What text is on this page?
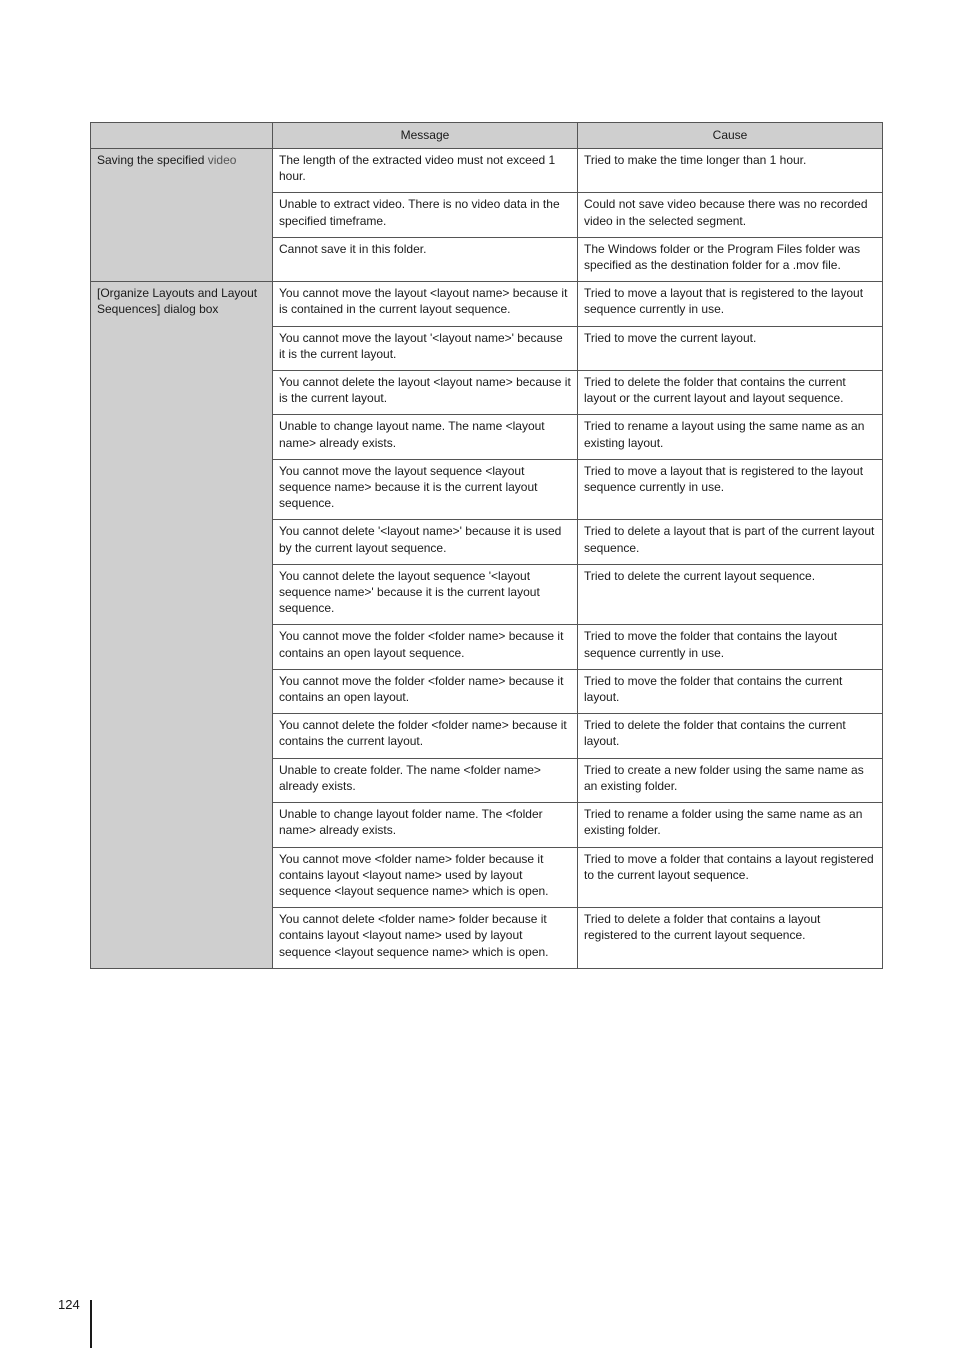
	Message	Cause
Saving the specified video	The length of the extracted video must not exceed 1 hour.	Tried to make the time longer than 1 hour.
	Unable to extract video. There is no video data in the specified timeframe.	Could not save video because there was no recorded video in the selected segment.
	Cannot save it in this folder.	The Windows folder or the Program Files folder was specified as the destination folder for a .mov file.
[Organize Layouts and Layout Sequences] dialog box	You cannot move the layout <layout name> because it is contained in the current layout sequence.	Tried to move a layout that is registered to the layout sequence currently in use.
	You cannot move the layout '<layout name>' because it is the current layout.	Tried to move the current layout.
	You cannot delete the layout <layout name> because it is the current layout.	Tried to delete the folder that contains the current layout or the current layout and layout sequence.
	Unable to change layout name. The name <layout name> already exists.	Tried to rename a layout using the same name as an existing layout.
	You cannot move the layout sequence <layout sequence name> because it is the current layout sequence.	Tried to move a layout that is registered to the layout sequence currently in use.
	You cannot delete '<layout name>' because it is used by the current layout sequence.	Tried to delete a layout that is part of the current layout sequence.
	You cannot delete the layout sequence '<layout sequence name>' because it is the current layout sequence.	Tried to delete the current layout sequence.
	You cannot move the folder <folder name> because it contains an open layout sequence.	Tried to move the folder that contains the layout sequence currently in use.
	You cannot move the folder <folder name> because it contains an open layout.	Tried to move the folder that contains the current layout.
	You cannot delete the folder <folder name> because it contains the current layout.	Tried to delete the folder that contains the current layout.
	Unable to create folder. The name <folder name> already exists.	Tried to create a new folder using the same name as an existing folder.
	Unable to change layout folder name. The <folder name> already exists.	Tried to rename a folder using the same name as an existing folder.
	You cannot move <folder name> folder because it contains layout <layout name> used by layout sequence <layout sequence name> which is open.	Tried to move a folder that contains a layout registered to the current layout sequence.
	You cannot delete <folder name> folder because it contains layout <layout name> used by layout sequence <layout sequence name> which is open.	Tried to delete a folder that contains a layout registered to the current layout sequence.
124
